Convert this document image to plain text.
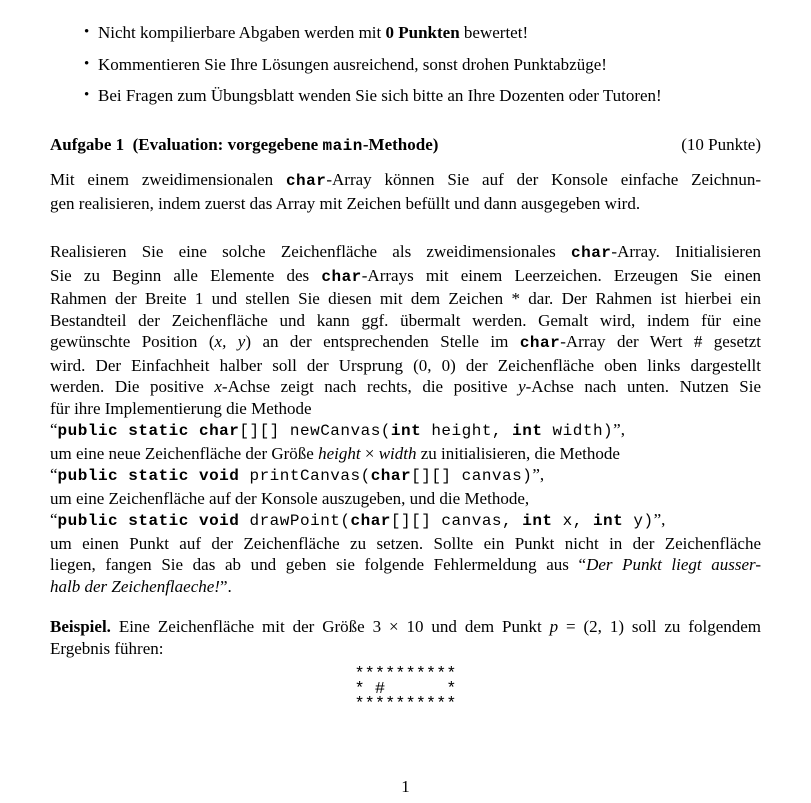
• Nicht kompilierbare Abgaben werden mit 0 Punkten bewertet!
• Kommentieren Sie Ihre Lösungen ausreichend, sonst drohen Punktabzüge!
• Bei Fragen zum Übungsblatt wenden Sie sich bitte an Ihre Dozenten oder Tutoren!
Aufgabe 1 (Evaluation: vorgegebene main-Methode)	(10 Punkte)
Mit einem zweidimensionalen char-Array können Sie auf der Konsole einfache Zeichnun-
gen realisieren, indem zuerst das Array mit Zeichen befüllt und dann ausgegeben wird.
Realisieren Sie eine solche Zeichenfläche als zweidimensionales char-Array. Initialisieren
Sie zu Beginn alle Elemente des char-Arrays mit einem Leerzeichen. Erzeugen Sie einen
Rahmen der Breite 1 und stellen Sie diesen mit dem Zeichen * dar. Der Rahmen ist hierbei ein
Bestandteil der Zeichenfläche und kann ggf. übermalt werden. Gemalt wird, indem für eine
gewünschte Position (x, y) an der entsprechenden Stelle im char-Array der Wert # gesetzt
wird. Der Einfachheit halber soll der Ursprung (0, 0) der Zeichenfläche oben links dargestellt
werden. Die positive x-Achse zeigt nach rechts, die positive y-Achse nach unten. Nutzen Sie
für ihre Implementierung die Methode
“public static char[][] newCanvas(int height, int width)”,
um eine neue Zeichenfläche der Größe height × width zu initialisieren, die Methode
“public static void printCanvas(char[][] canvas)”,
um eine Zeichenfläche auf der Konsole auszugeben, und die Methode,
“public static void drawPoint(char[][] canvas, int x, int y)”,
um einen Punkt auf der Zeichenfläche zu setzen. Sollte ein Punkt nicht in der Zeichenfläche
liegen, fangen Sie das ab und geben sie folgende Fehlermeldung aus “Der Punkt liegt ausser-
halb der Zeichenflaeche!”.
Beispiel. Eine Zeichenfläche mit der Größe 3 × 10 und dem Punkt p = (2, 1) soll zu folgendem
Ergebnis führen:
**********
* #      *
**********
1
